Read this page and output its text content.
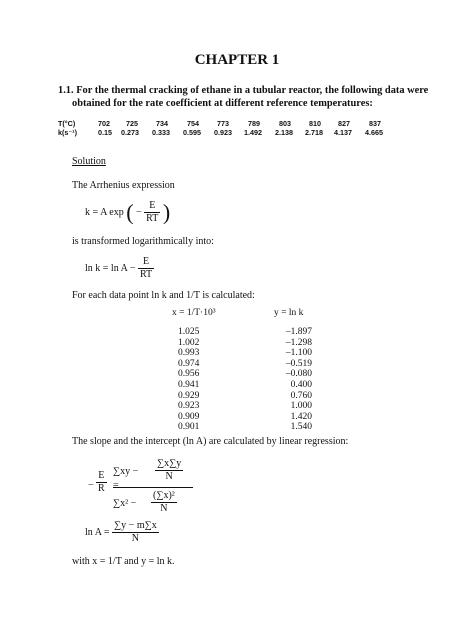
CHAPTER 1
1.1. For the thermal cracking of ethane in a tubular reactor, the following data were obtained for the rate coefficient at different reference temperatures:
T(°C)	702 725	734	754	773	789	803	810 827	837
k(s⁻¹)	0.15 0.273 0.333 0.595 0.923 1.492 2.138 2.718 4.137 4.665
Solution
The Arrhenius expression
k = A exp ( − $\frac{E}{RT}$ )
is transformed logarithmically into:
$\ln k = \ln A - \frac{E}{RT}$
For each data point ln k and 1/T is calculated:
x = 1/T·10³	y = ln k
1.025	–1.897
1.002	–1.298
0.993	–1.100
0.974	–0.519
0.956	–0.080
0.941	0.400
0.929	0.760
0.923	1.000
0.909	1.420
0.901	1.540
The slope and the intercept (ln A) are calculated by linear regression:
− $\frac{E}{R}$ =
$\sum xy - \frac{\sum x\sum y}{N}$
$\sum x^2 - \frac{\text{(∑x)²}}{N}$
$\ln A = \frac{\sum y - m\sum x}{N}$
with x = 1/T and y = ln k.
